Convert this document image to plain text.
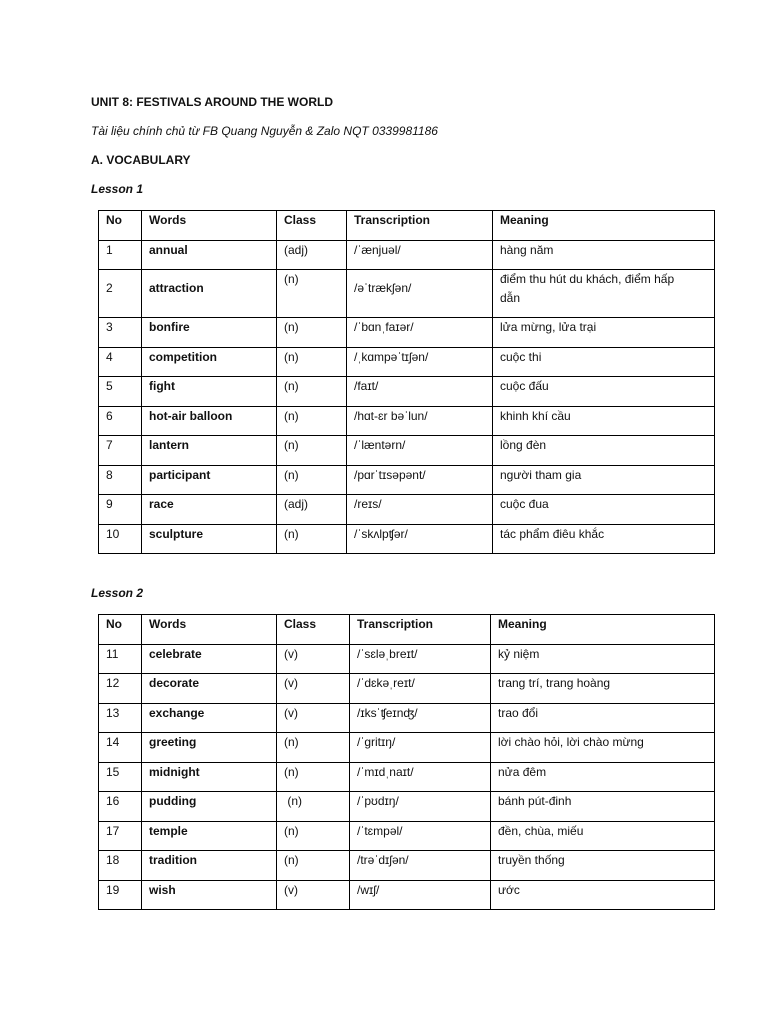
UNIT 8: FESTIVALS AROUND THE WORLD
Tài liệu chính chủ từ FB Quang Nguyễn & Zalo NQT 0339981186
A. VOCABULARY
Lesson 1
No	Words	Class	Transcription	Meaning
1	annual	(adj)	/ˈænjuəl/	hàng năm
2	attraction	(n)	/əˈtrækʃən/	điểm thu hút du khách, điểm hấp dẫn
3	bonfire	(n)	/ˈbɑnˌfaɪər/	lửa mừng, lửa trại
4	competition	(n)	/ˌkɑmpəˈtɪʃən/	cuộc thi
5	fight	(n)	/faɪt/	cuộc đấu
6	hot-air balloon	(n)	/hɑt-ɛr bəˈlun/	khinh khí cầu
7	lantern	(n)	/ˈlæntərn/	lồng đèn
8	participant	(n)	/pɑrˈtɪsəpənt/	người tham gia
9	race	(adj)	/reɪs/	cuộc đua
10	sculpture	(n)	/ˈskʌlpʧər/	tác phẩm điêu khắc
Lesson 2
No	Words	Class	Transcription	Meaning
11	celebrate	(v)	/ˈsɛləˌbreɪt/	kỷ niệm
12	decorate	(v)	/ˈdɛkəˌreɪt/	trang trí, trang hoàng
13	exchange	(v)	/ɪksˈʧeɪnʤ/	trao đổi
14	greeting	(n)	/ˈgritɪŋ/	lời chào hỏi, lời chào mừng
15	midnight	(n)	/ˈmɪdˌnaɪt/	nửa đêm
16	pudding	(n)	/ˈpʊdɪŋ/	bánh pút-đinh
17	temple	(n)	/ˈtɛmpəl/	đền, chùa, miếu
18	tradition	(n)	/trəˈdɪʃən/	truyền thống
19	wish	(v)	/wɪʃ/	ước
